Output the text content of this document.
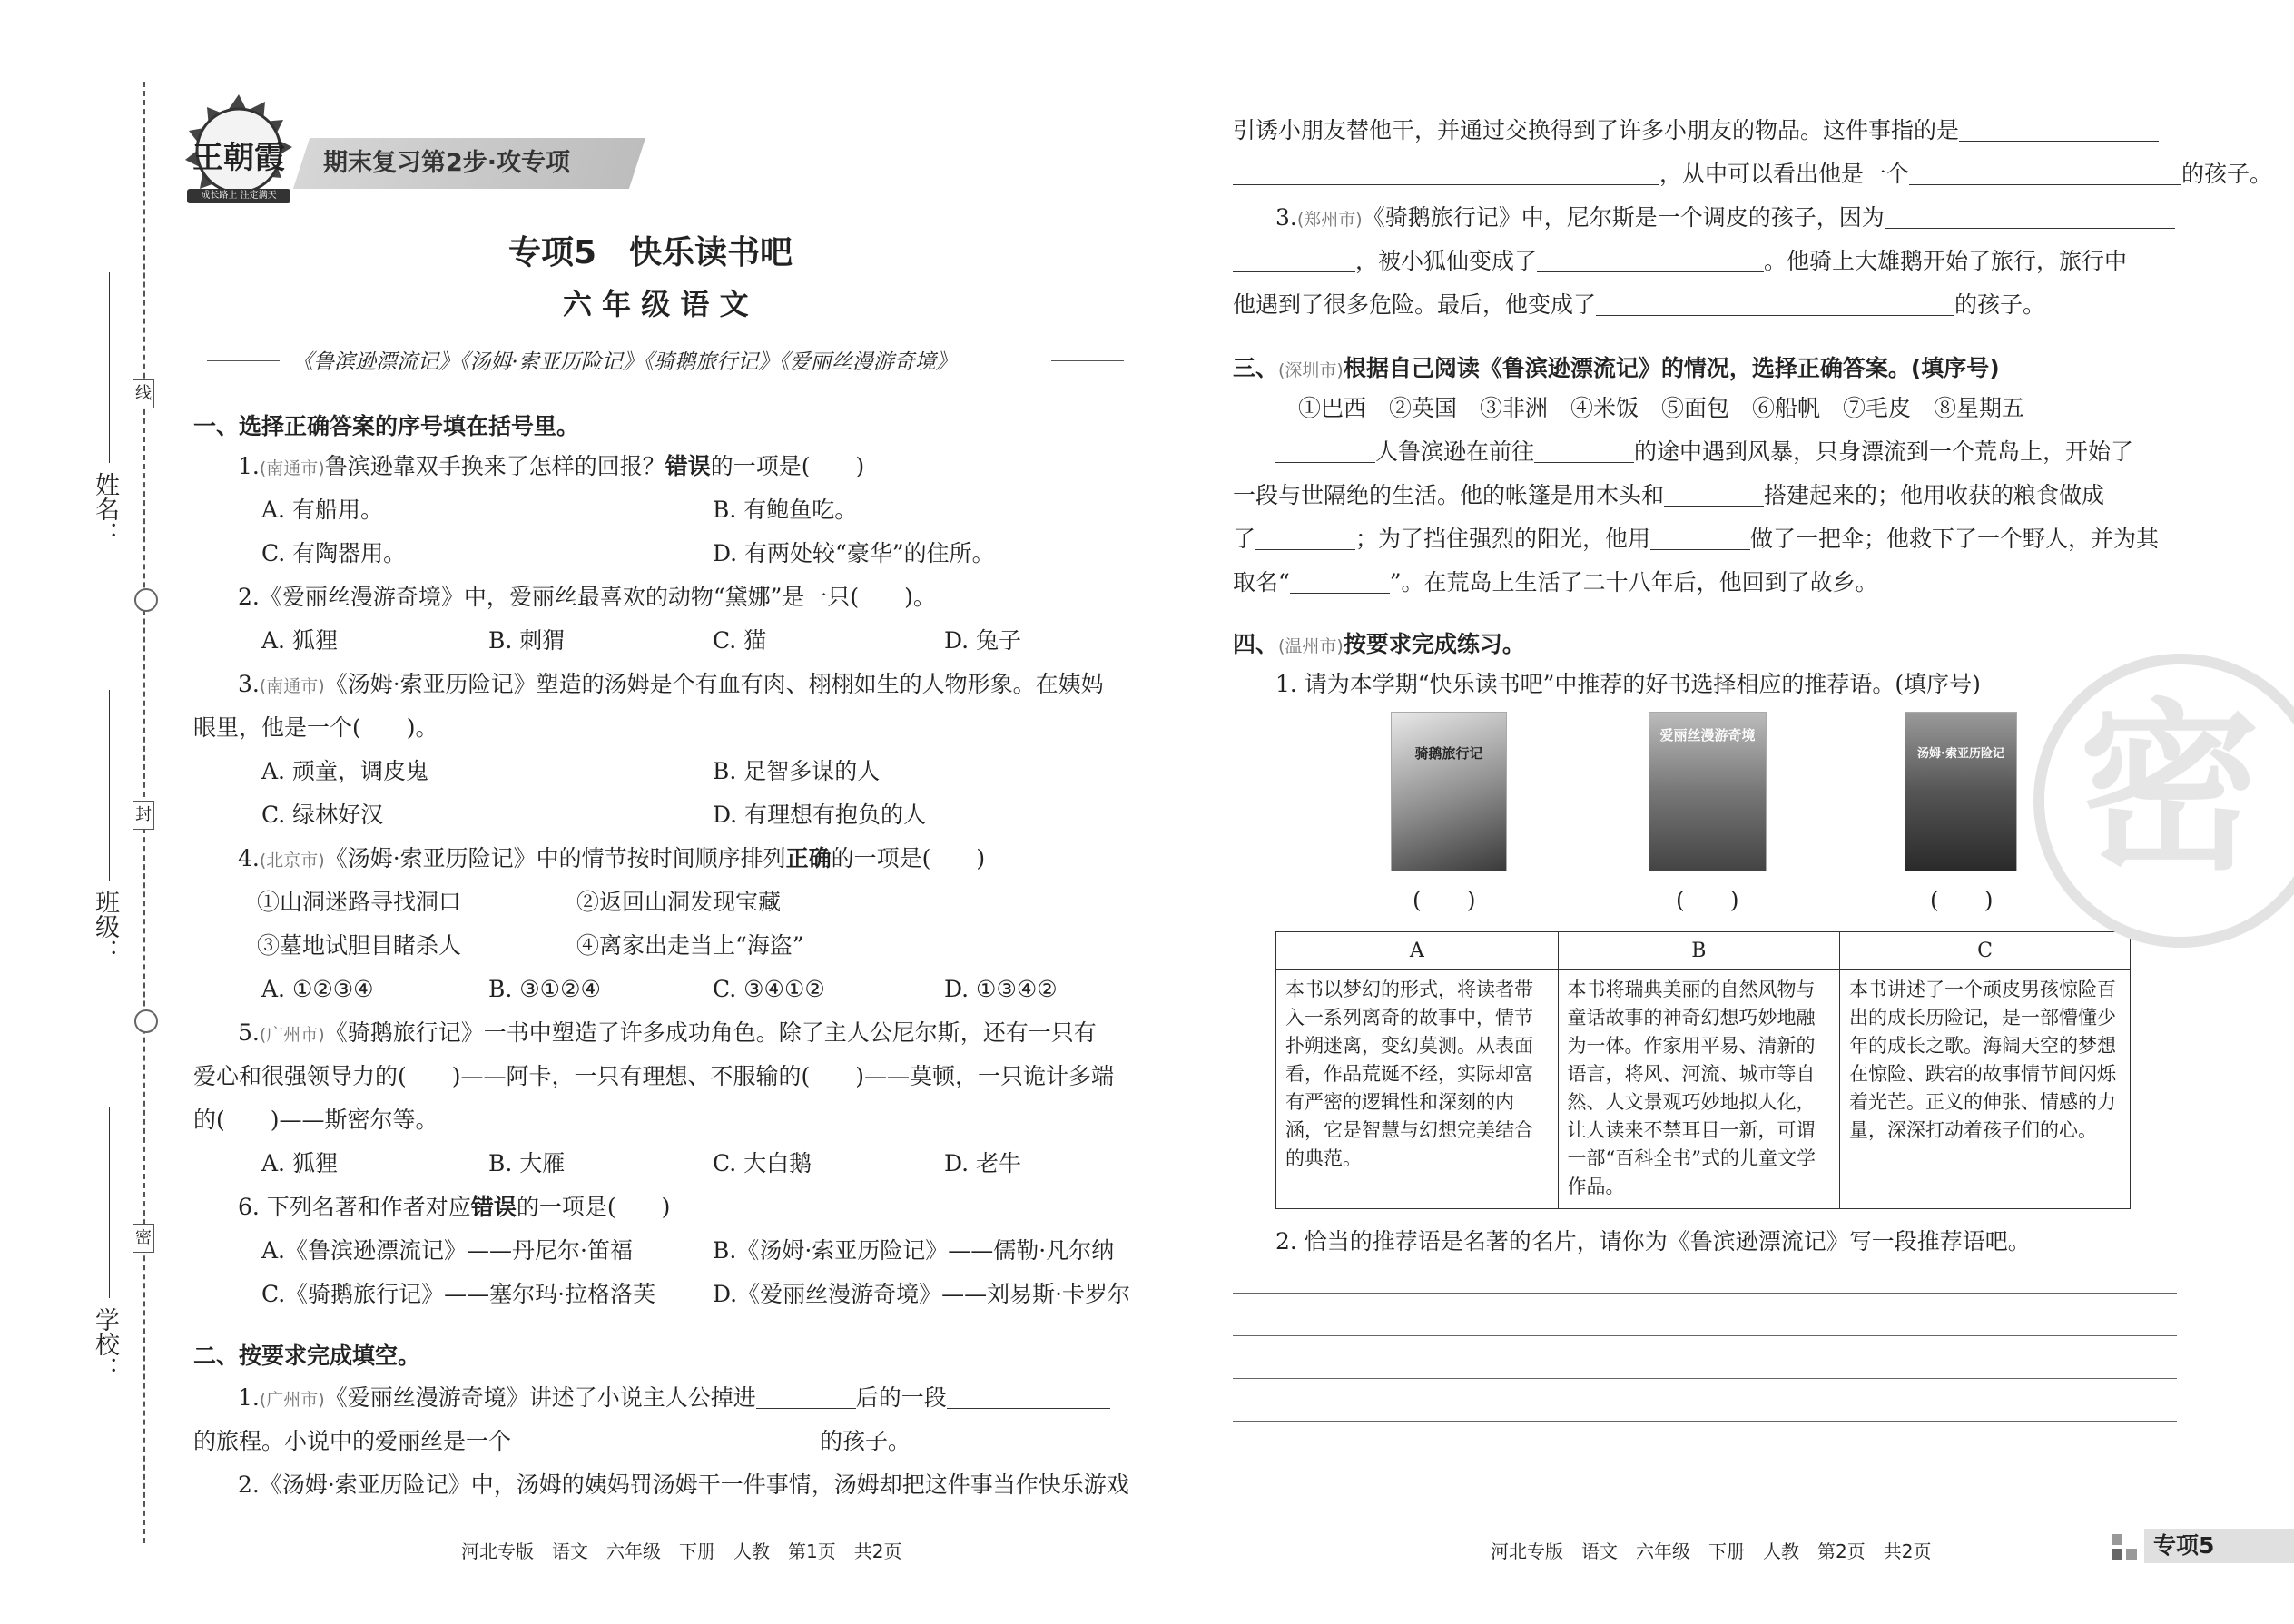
线
封
密
姓名：
班级：
学校：
王朝霞
成长路上 注定满天
期末复习第2步·攻专项
专项5　快乐读书吧
六 年 级 语 文
《鲁滨逊漂流记》《汤姆·索亚历险记》《骑鹅旅行记》《爱丽丝漫游奇境》
一、选择正确答案的序号填在括号里。
1.(南通市)鲁滨逊靠双手换来了怎样的回报？错误的一项是(　　)
A. 有船用。	B. 有鲍鱼吃。
C. 有陶器用。	D. 有两处较“豪华”的住所。
2.《爱丽丝漫游奇境》中，爱丽丝最喜欢的动物“黛娜”是一只(　　)。
A. 狐狸	B. 刺猬	C. 猫	D. 兔子
3.(南通市)《汤姆·索亚历险记》塑造的汤姆是个有血有肉、栩栩如生的人物形象。在姨妈
眼里，他是一个(　　)。
A. 顽童，调皮鬼	B. 足智多谋的人
C. 绿林好汉	D. 有理想有抱负的人
4.(北京市)《汤姆·索亚历险记》中的情节按时间顺序排列正确的一项是(　　)
①山洞迷路寻找洞口	②返回山洞发现宝藏
③墓地试胆目睹杀人	④离家出走当上“海盗”
A. ①②③④	B. ③①②④	C. ③④①②	D. ①③④②
5.(广州市)《骑鹅旅行记》一书中塑造了许多成功角色。除了主人公尼尔斯，还有一只有
爱心和很强领导力的(　　)——阿卡，一只有理想、不服输的(　　)——莫顿，一只诡计多端
的(　　)——斯密尔等。
A. 狐狸	B. 大雁	C. 大白鹅	D. 老牛
6. 下列名著和作者对应错误的一项是(　　)
A.《鲁滨逊漂流记》——丹尼尔·笛福	B.《汤姆·索亚历险记》——儒勒·凡尔纳
C.《骑鹅旅行记》——塞尔玛·拉格洛芙	D.《爱丽丝漫游奇境》——刘易斯·卡罗尔
二、按要求完成填空。
1.(广州市)《爱丽丝漫游奇境》讲述了小说主人公掉进	后的一段
的旅程。小说中的爱丽丝是一个	的孩子。
2.《汤姆·索亚历险记》中，汤姆的姨妈罚汤姆干一件事情，汤姆却把这件事当作快乐游戏
河北专版　语文　六年级　下册　人教　第1页　共2页
引诱小朋友替他干，并通过交换得到了许多小朋友的物品。这件事指的是
，从中可以看出他是一个	的孩子。
3.(郑州市)《骑鹅旅行记》中，尼尔斯是一个调皮的孩子，因为
，被小狐仙变成了	。他骑上大雄鹅开始了旅行，旅行中
他遇到了很多危险。最后，他变成了	的孩子。
三、(深圳市)根据自己阅读《鲁滨逊漂流记》的情况，选择正确答案。(填序号)
①巴西　②英国　③非洲　④米饭　⑤面包　⑥船帆　⑦毛皮　⑧星期五
人鲁滨逊在前往	的途中遇到风暴，只身漂流到一个荒岛上，开始了
一段与世隔绝的生活。他的帐篷是用木头和	搭建起来的；他用收获的粮食做成
了	；为了挡住强烈的阳光，他用	做了一把伞；他救下了一个野人，并为其
取名“	”。在荒岛上生活了二十八年后，他回到了故乡。
四、(温州市)按要求完成练习。
1. 请为本学期“快乐读书吧”中推荐的好书选择相应的推荐语。(填序号)
骑鹅旅行记
爱丽丝漫游奇境
汤姆·索亚历险记
(　　)	(　　)	(　　)
A	B	C
本书以梦幻的形式，将读者带入一系列离奇的故事中，情节扑朔迷离，变幻莫测。从表面看，作品荒诞不经，实际却富有严密的逻辑性和深刻的内涵，它是智慧与幻想完美结合的典范。	本书将瑞典美丽的自然风物与童话故事的神奇幻想巧妙地融为一体。作家用平易、清新的语言，将风、河流、城市等自然、人文景观巧妙地拟人化，让人读来不禁耳目一新，可谓一部“百科全书”式的儿童文学作品。	本书讲述了一个顽皮男孩惊险百出的成长历险记，是一部懵懂少年的成长之歌。海阔天空的梦想在惊险、跌宕的故事情节间闪烁着光芒。正义的伸张、情感的力量，深深打动着孩子们的心。
2. 恰当的推荐语是名著的名片，请你为《鲁滨逊漂流记》写一段推荐语吧。
密
河北专版　语文　六年级　下册　人教　第2页　共2页	专项5
